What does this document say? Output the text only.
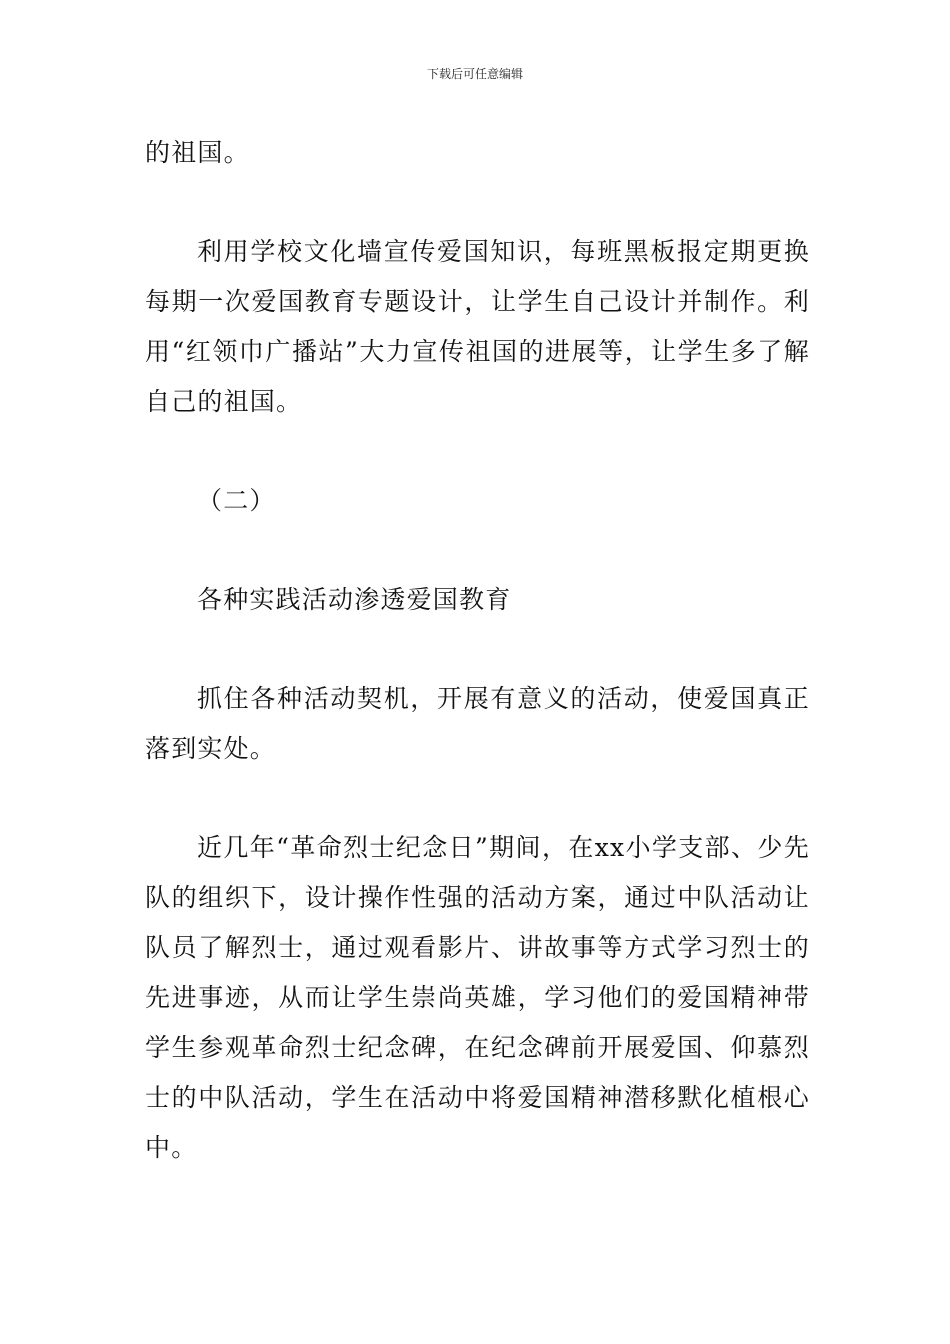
下载后可任意编辑

的祖国。

利用学校文化墙宣传爱国知识，每班黑板报定期更换每期一次爱国教育专题设计，让学生自己设计并制作。利用“红领巾广播站”大力宣传祖国的进展等，让学生多了解自己的祖国。

（二）

各种实践活动渗透爱国教育

抓住各种活动契机，开展有意义的活动，使爱国真正落到实处。

近几年“革命烈士纪念日”期间，在xx小学支部、少先队的组织下，设计操作性强的活动方案，通过中队活动让队员了解烈士，通过观看影片、讲故事等方式学习烈士的先进事迹，从而让学生崇尚英雄，学习他们的爱国精神带学生参观革命烈士纪念碑，在纪念碑前开展爱国、仰慕烈士的中队活动，学生在活动中将爱国精神潜移默化植根心中。
